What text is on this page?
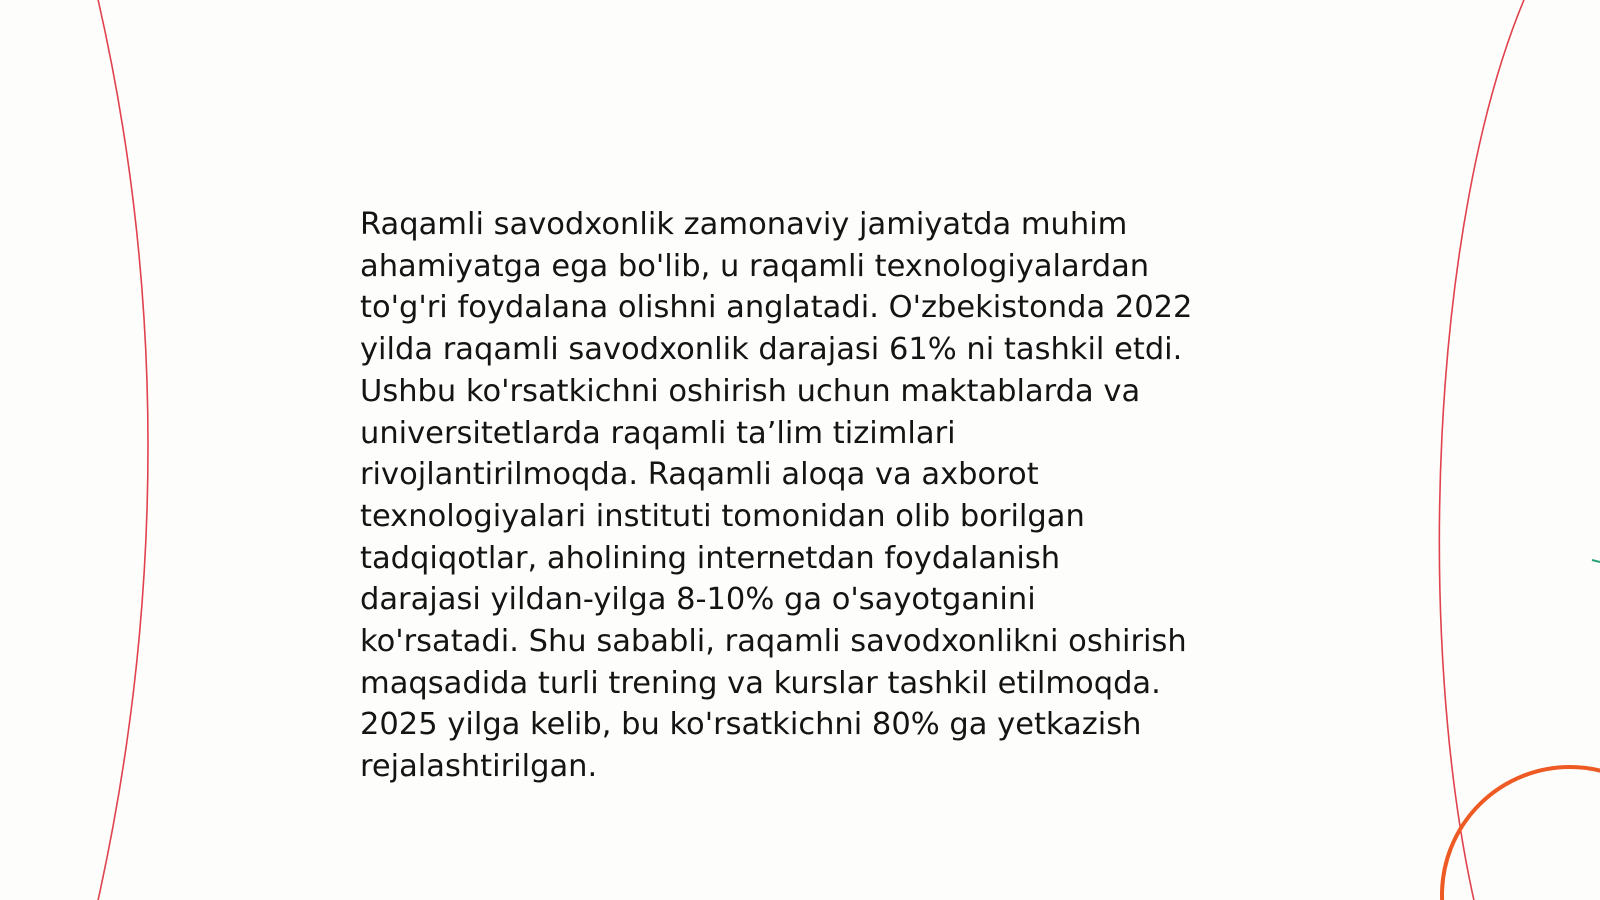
Raqamli savodxonlik zamonaviy jamiyatda muhim
ahamiyatga ega bo'lib, u raqamli texnologiyalardan
to'g'ri foydalana olishni anglatadi. O'zbekistonda 2022
yilda raqamli savodxonlik darajasi 61% ni tashkil etdi.
Ushbu ko'rsatkichni oshirish uchun maktablarda va
universitetlarda raqamli ta’lim tizimlari
rivojlantirilmoqda. Raqamli aloqa va axborot
texnologiyalari instituti tomonidan olib borilgan
tadqiqotlar, aholining internetdan foydalanish
darajasi yildan-yilga 8-10% ga o'sayotganini
ko'rsatadi. Shu sababli, raqamli savodxonlikni oshirish
maqsadida turli trening va kurslar tashkil etilmoqda.
2025 yilga kelib, bu ko'rsatkichni 80% ga yetkazish
rejalashtirilgan.
